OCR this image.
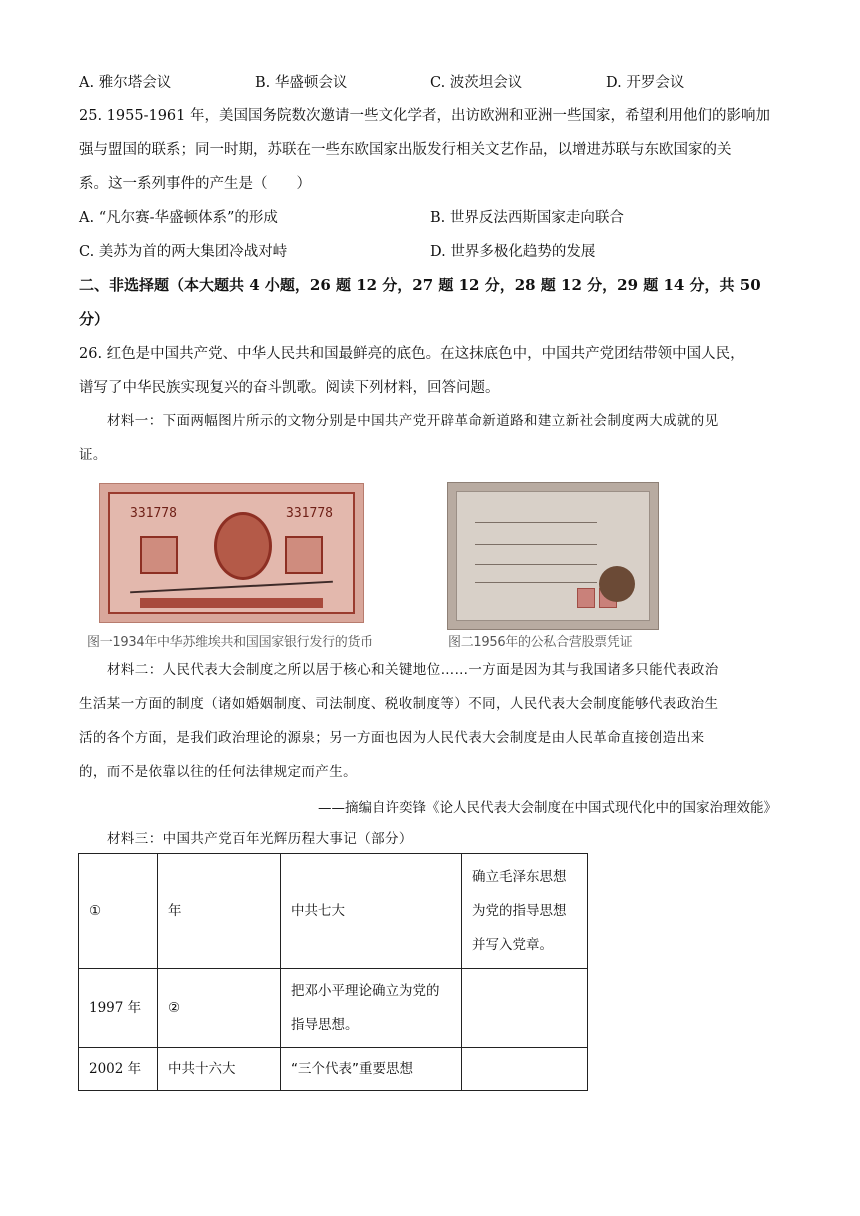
A. 雅尔塔会议	B. 华盛顿会议	C. 波茨坦会议	D. 开罗会议
25. 1955-1961 年，美国国务院数次邀请一些文化学者，出访欧洲和亚洲一些国家，希望利用他们的影响加
强与盟国的联系；同一时期，苏联在一些东欧国家出版发行相关文艺作品，以增进苏联与东欧国家的关
系。这一系列事件的产生是（　　）
A. “凡尔赛-华盛顿体系”的形成	B. 世界反法西斯国家走向联合
C. 美苏为首的两大集团冷战对峙	D. 世界多极化趋势的发展
二、非选择题（本大题共 4 小题，26 题 12 分，27 题 12 分，28 题 12 分，29 题 14 分，共 50
分）
26. 红色是中国共产党、中华人民共和国最鲜亮的底色。在这抹底色中，中国共产党团结带领中国人民，
谱写了中华民族实现复兴的奋斗凯歌。阅读下列材料，回答问题。
材料一：下面两幅图片所示的文物分别是中国共产党开辟革命新道路和建立新社会制度两大成就的见
证。
331778	331778
图一1934年中华苏维埃共和国国家银行发行的货币	图二1956年的公私合营股票凭证
材料二：人民代表大会制度之所以居于核心和关键地位……一方面是因为其与我国诸多只能代表政治
生活某一方面的制度（诸如婚姻制度、司法制度、税收制度等）不同，人民代表大会制度能够代表政治生
活的各个方面，是我们政治理论的源泉；另一方面也因为人民代表大会制度是由人民革命直接创造出来
的，而不是依靠以往的任何法律规定而产生。
——摘编自许奕锋《论人民代表大会制度在中国式现代化中的国家治理效能》
材料三：中国共产党百年光辉历程大事记（部分）
①	年	中共七大	确立毛泽东思想为党的指导思想并写入党章。
1997 年	②	把邓小平理论确立为党的指导思想。	
2002 年	中共十六大	“三个代表”重要思想	
